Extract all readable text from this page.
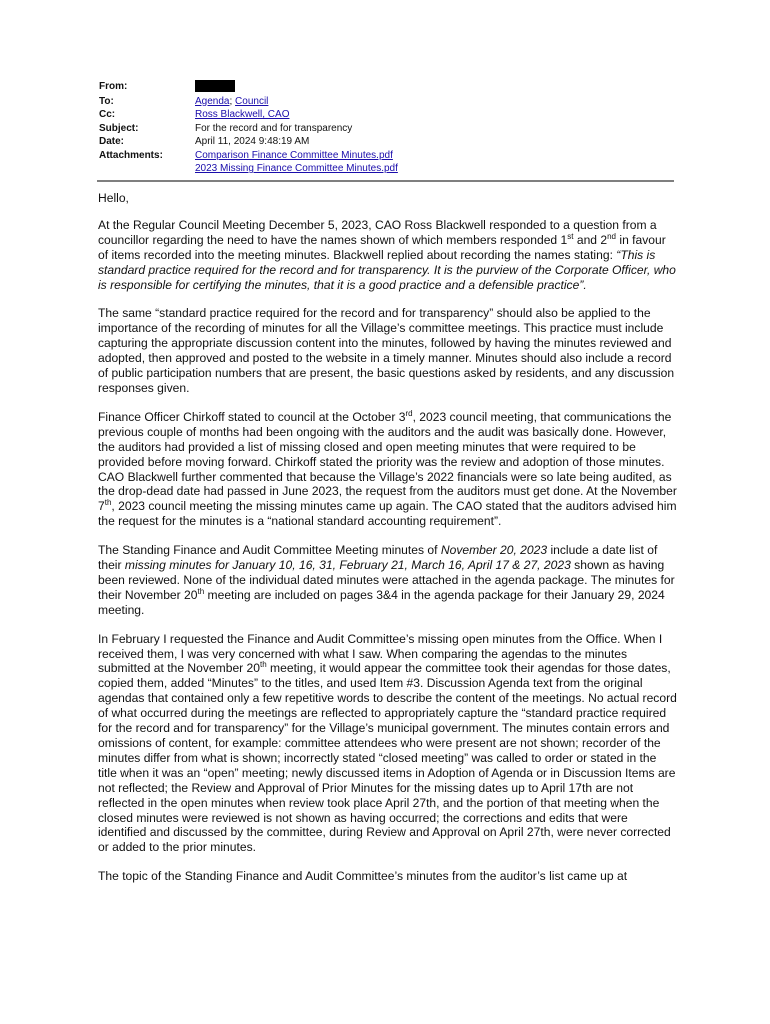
From:
To:	Agenda; Council
Cc:	Ross Blackwell, CAO
Subject:	For the record and for transparency
Date:	April 11, 2024 9:48:19 AM
Attachments:	Comparison Finance Committee Minutes.pdf
2023 Missing Finance Committee Minutes.pdf

Hello,

At the Regular Council Meeting December 5, 2023, CAO Ross Blackwell responded to a question from a councillor regarding the need to have the names shown of which members responded 1st and 2nd in favour of items recorded into the meeting minutes. Blackwell replied about recording the names stating: “This is standard practice required for the record and for transparency. It is the purview of the Corporate Officer, who is responsible for certifying the minutes, that it is a good practice and a defensible practice”.

The same “standard practice required for the record and for transparency” should also be applied to the importance of the recording of minutes for all the Village’s committee meetings. This practice must include capturing the appropriate discussion content into the minutes, followed by having the minutes reviewed and adopted, then approved and posted to the website in a timely manner. Minutes should also include a record of public participation numbers that are present, the basic questions asked by residents, and any discussion responses given.

Finance Officer Chirkoff stated to council at the October 3rd, 2023 council meeting, that communications the previous couple of months had been ongoing with the auditors and the audit was basically done. However, the auditors had provided a list of missing closed and open meeting minutes that were required to be provided before moving forward. Chirkoff stated the priority was the review and adoption of those minutes. CAO Blackwell further commented that because the Village’s 2022 financials were so late being audited, as the drop-dead date had passed in June 2023, the request from the auditors must get done. At the November 7th, 2023 council meeting the missing minutes came up again. The CAO stated that the auditors advised him the request for the minutes is a “national standard accounting requirement”.

The Standing Finance and Audit Committee Meeting minutes of November 20, 2023 include a date list of their missing minutes for January 10, 16, 31, February 21, March 16, April 17 & 27, 2023 shown as having been reviewed. None of the individual dated minutes were attached in the agenda package. The minutes for their November 20th meeting are included on pages 3&4 in the agenda package for their January 29, 2024 meeting.

In February I requested the Finance and Audit Committee’s missing open minutes from the Office. When I received them, I was very concerned with what I saw. When comparing the agendas to the minutes submitted at the November 20th meeting, it would appear the committee took their agendas for those dates, copied them, added “Minutes” to the titles, and used Item #3. Discussion Agenda text from the original agendas that contained only a few repetitive words to describe the content of the meetings. No actual record of what occurred during the meetings are reflected to appropriately capture the “standard practice required for the record and for transparency” for the Village’s municipal government. The minutes contain errors and omissions of content, for example: committee attendees who were present are not shown; recorder of the minutes differ from what is shown; incorrectly stated “closed meeting” was called to order or stated in the title when it was an “open” meeting; newly discussed items in Adoption of Agenda or in Discussion Items are not reflected; the Review and Approval of Prior Minutes for the missing dates up to April 17th are not reflected in the open minutes when review took place April 27th, and the portion of that meeting when the closed minutes were reviewed is not shown as having occurred; the corrections and edits that were identified and discussed by the committee, during Review and Approval on April 27th, were never corrected or added to the prior minutes.

The topic of the Standing Finance and Audit Committee’s minutes from the auditor’s list came up at
